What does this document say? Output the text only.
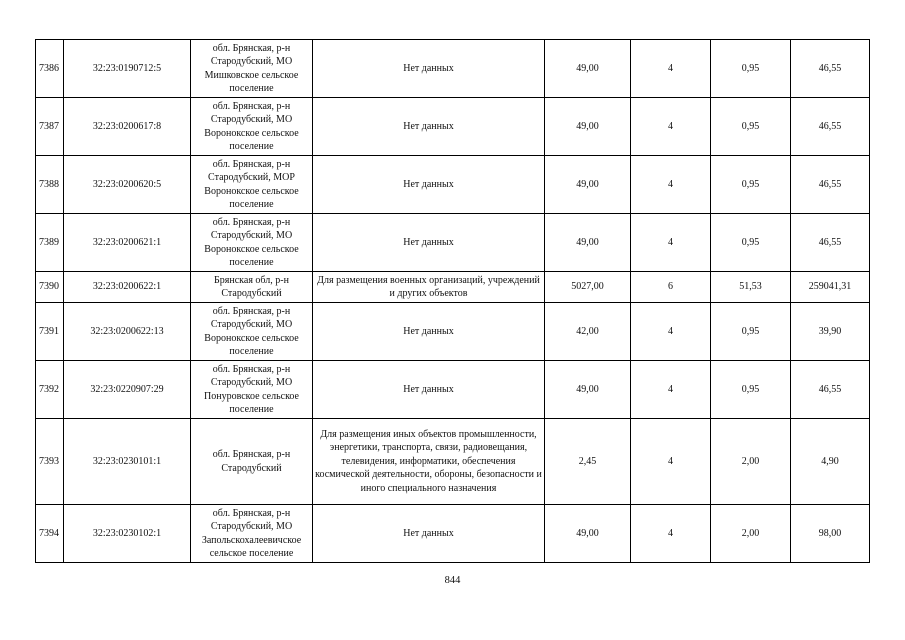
7386	32:23:0190712:5	обл. Брянская, р-н Стародубский, МО Мишковское сельское поселение	Нет данных	49,00	4	0,95	46,55
7387	32:23:0200617:8	обл. Брянская, р-н Стародубский, МО Воронокское сельское поселение	Нет данных	49,00	4	0,95	46,55
7388	32:23:0200620:5	обл. Брянская, р-н Стародубский, МОР Воронокское сельское поселение	Нет данных	49,00	4	0,95	46,55
7389	32:23:0200621:1	обл. Брянская, р-н Стародубский, МО Воронокское сельское поселение	Нет данных	49,00	4	0,95	46,55
7390	32:23:0200622:1	Брянская обл, р-н Стародубский	Для размещения военных организаций, учреждений и других объектов	5027,00	6	51,53	259041,31
7391	32:23:0200622:13	обл. Брянская, р-н Стародубский, МО Воронокское сельское поселение	Нет данных	42,00	4	0,95	39,90
7392	32:23:0220907:29	обл. Брянская, р-н Стародубский, МО Понуровское сельское поселение	Нет данных	49,00	4	0,95	46,55
7393	32:23:0230101:1	обл. Брянская, р-н Стародубский	Для размещения иных объектов промышленности, энергетики, транспорта, связи, радиовещания, телевидения, информатики, обеспечения космической деятельности, обороны, безопасности и иного специального назначения	2,45	4	2,00	4,90
7394	32:23:0230102:1	обл. Брянская, р-н Стародубский, МО Запольскохалеевичское сельское поселение	Нет данных	49,00	4	2,00	98,00
844
